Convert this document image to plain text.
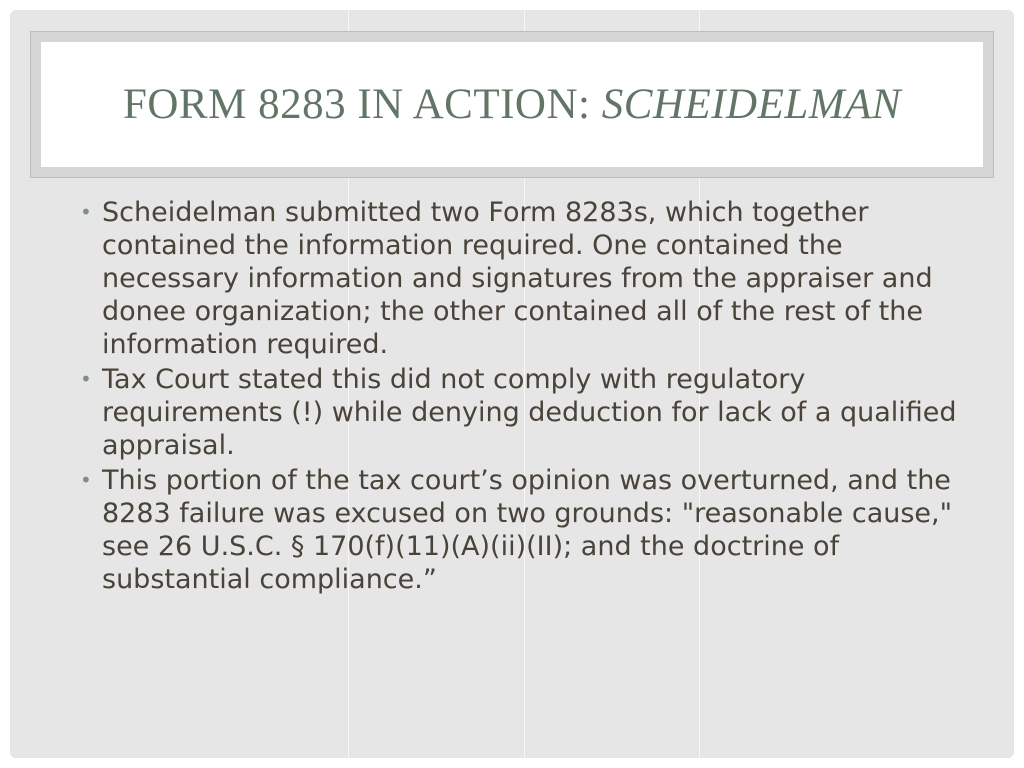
FORM 8283 IN ACTION: SCHEIDELMAN
• Scheidelman submitted two Form 8283s, which together contained the information required. One contained the necessary information and signatures from the appraiser and donee organization; the other contained all of the rest of the information required.
• Tax Court stated this did not comply with regulatory requirements (!) while denying deduction for lack of a qualified appraisal.
• This portion of the tax court’s opinion was overturned, and the 8283 failure was excused on two grounds: "reasonable cause," see 26 U.S.C. § 170(f)(11)(A)(ii)(II); and the doctrine of substantial compliance.”
